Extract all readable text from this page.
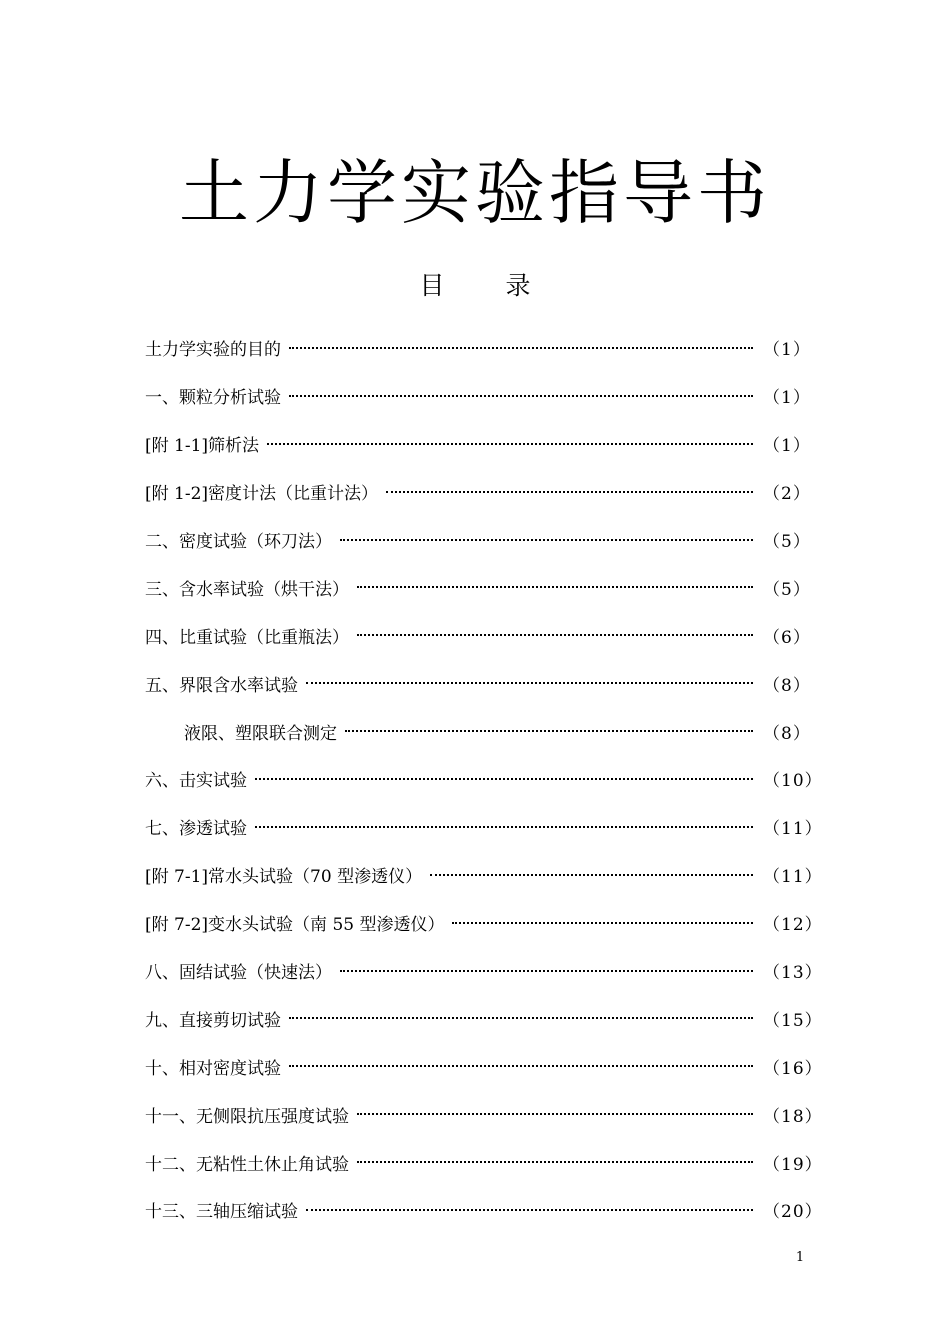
土力学实验指导书
目 录
土力学实验的目的	（1）
一、颗粒分析试验	（1）
[附 1-1]筛析法	（1）
[附 1-2]密度计法（比重计法）	（2）
二、密度试验（环刀法）	（5）
三、含水率试验（烘干法）	（5）
四、比重试验（比重瓶法）	（6）
五、界限含水率试验	（8）
液限、塑限联合测定	（8）
六、击实试验	（10）
七、渗透试验	（11）
[附 7-1]常水头试验（70 型渗透仪）	（11）
[附 7-2]变水头试验（南 55 型渗透仪）	（12）
八、固结试验（快速法）	（13）
九、直接剪切试验	（15）
十、相对密度试验	（16）
十一、无侧限抗压强度试验	（18）
十二、无粘性土休止角试验	（19）
十三、三轴压缩试验	（20）
1
